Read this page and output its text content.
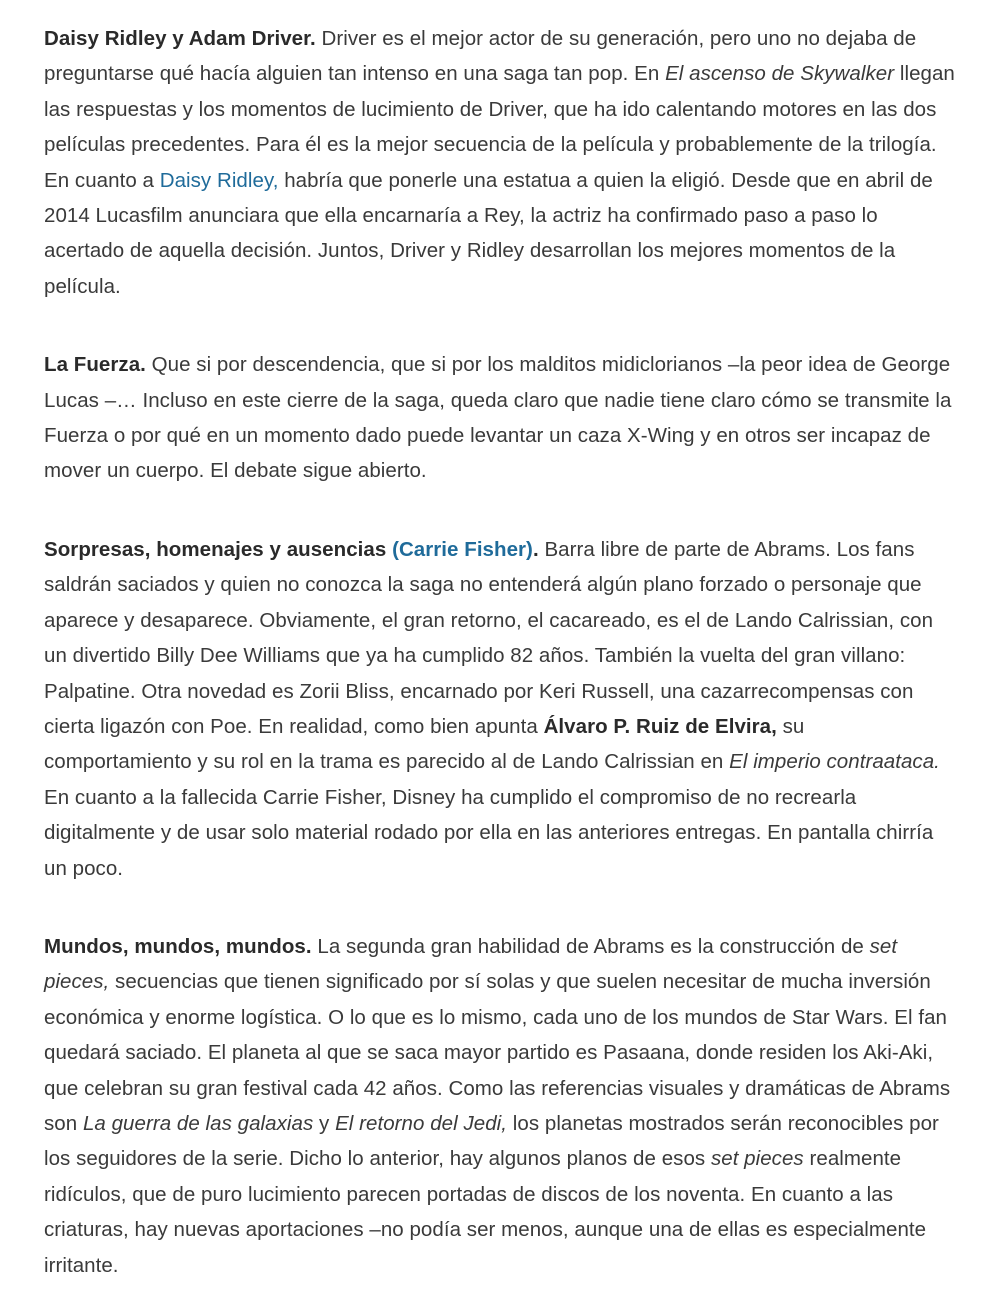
Daisy Ridley y Adam Driver. Driver es el mejor actor de su generación, pero uno no dejaba de preguntarse qué hacía alguien tan intenso en una saga tan pop. En El ascenso de Skywalker llegan las respuestas y los momentos de lucimiento de Driver, que ha ido calentando motores en las dos películas precedentes. Para él es la mejor secuencia de la película y probablemente de la trilogía. En cuanto a Daisy Ridley, habría que ponerle una estatua a quien la eligió. Desde que en abril de 2014 Lucasfilm anunciara que ella encarnaría a Rey, la actriz ha confirmado paso a paso lo acertado de aquella decisión. Juntos, Driver y Ridley desarrollan los mejores momentos de la película.

La Fuerza. Que si por descendencia, que si por los malditos midiclorianos –la peor idea de George Lucas –… Incluso en este cierre de la saga, queda claro que nadie tiene claro cómo se transmite la Fuerza o por qué en un momento dado puede levantar un caza X-Wing y en otros ser incapaz de mover un cuerpo. El debate sigue abierto.

Sorpresas, homenajes y ausencias (Carrie Fisher). Barra libre de parte de Abrams. Los fans saldrán saciados y quien no conozca la saga no entenderá algún plano forzado o personaje que aparece y desaparece. Obviamente, el gran retorno, el cacareado, es el de Lando Calrissian, con un divertido Billy Dee Williams que ya ha cumplido 82 años. También la vuelta del gran villano: Palpatine. Otra novedad es Zorii Bliss, encarnado por Keri Russell, una cazarrecompensas con cierta ligazón con Poe. En realidad, como bien apunta Álvaro P. Ruiz de Elvira, su comportamiento y su rol en la trama es parecido al de Lando Calrissian en El imperio contraataca. En cuanto a la fallecida Carrie Fisher, Disney ha cumplido el compromiso de no recrearla digitalmente y de usar solo material rodado por ella en las anteriores entregas. En pantalla chirría un poco.

Mundos, mundos, mundos. La segunda gran habilidad de Abrams es la construcción de set pieces, secuencias que tienen significado por sí solas y que suelen necesitar de mucha inversión económica y enorme logística. O lo que es lo mismo, cada uno de los mundos de Star Wars. El fan quedará saciado. El planeta al que se saca mayor partido es Pasaana, donde residen los Aki-Aki, que celebran su gran festival cada 42 años. Como las referencias visuales y dramáticas de Abrams son La guerra de las galaxias y El retorno del Jedi, los planetas mostrados serán reconocibles por los seguidores de la serie. Dicho lo anterior, hay algunos planos de esos set pieces realmente ridículos, que de puro lucimiento parecen portadas de discos de los noventa. En cuanto a las criaturas, hay nuevas aportaciones –no podía ser menos, aunque una de ellas es especialmente irritante.
